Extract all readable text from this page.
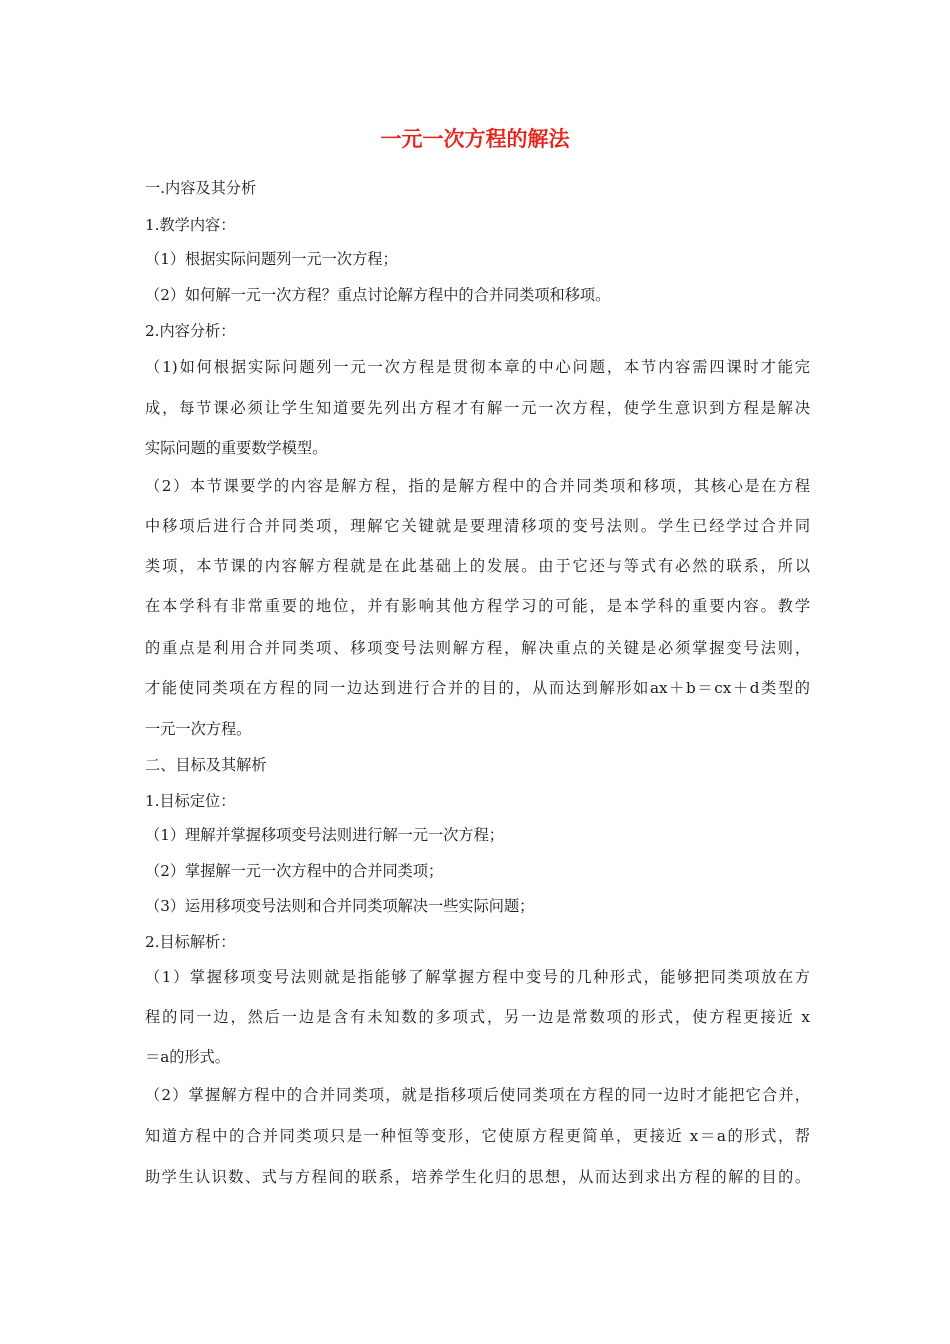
一元一次方程的解法
一.内容及其分析
1.教学内容：
（1）根据实际问题列一元一次方程；
（2）如何解一元一次方程？重点讨论解方程中的合并同类项和移项。
2.内容分析：
（1)如何根据实际问题列一元一次方程是贯彻本章的中心问题，本节内容需四课时才能完
成，每节课必须让学生知道要先列出方程才有解一元一次方程，使学生意识到方程是解决
实际问题的重要数学模型。
（2）本节课要学的内容是解方程，指的是解方程中的合并同类项和移项，其核心是在方程
中移项后进行合并同类项，理解它关键就是要理清移项的变号法则。学生已经学过合并同
类项，本节课的内容解方程就是在此基础上的发展。由于它还与等式有必然的联系，所以
在本学科有非常重要的地位，并有影响其他方程学习的可能，是本学科的重要内容。教学
的重点是利用合并同类项、移项变号法则解方程，解决重点的关键是必须掌握变号法则，
才能使同类项在方程的同一边达到进行合并的目的，从而达到解形如ax＋b＝cx＋d类型的
一元一次方程。
二、目标及其解析
1.目标定位：
（1）理解并掌握移项变号法则进行解一元一次方程；
（2）掌握解一元一次方程中的合并同类项；
（3）运用移项变号法则和合并同类项解决一些实际问题；
2.目标解析：
（1）掌握移项变号法则就是指能够了解掌握方程中变号的几种形式，能够把同类项放在方
程的同一边，然后一边是含有未知数的多项式，另一边是常数项的形式，使方程更接近 x
＝a的形式。
（2）掌握解方程中的合并同类项，就是指移项后使同类项在方程的同一边时才能把它合并，
知道方程中的合并同类项只是一种恒等变形，它使原方程更简单，更接近 x＝a的形式，帮
助学生认识数、式与方程间的联系，培养学生化归的思想，从而达到求出方程的解的目的。
